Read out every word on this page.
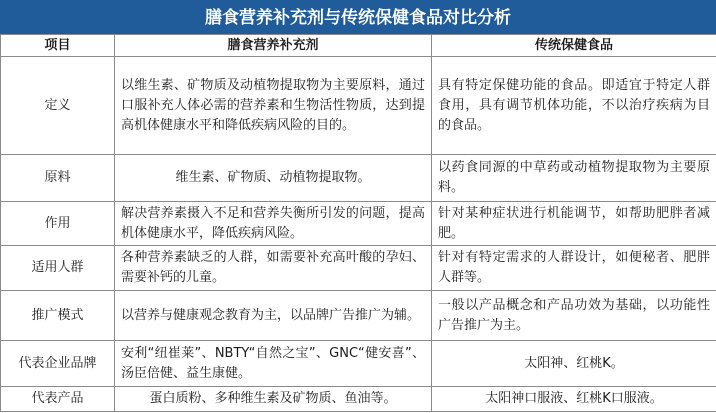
膳食营养补充剂与传统保健食品对比分析
项目	膳食营养补充剂	传统保健食品
定义	以维生素、矿物质及动植物提取物为主要原料，通过口服补充人体必需的营养素和生物活性物质，达到提高机体健康水平和降低疾病风险的目的。	具有特定保健功能的食品。即适宜于特定人群食用，具有调节机体功能，不以治疗疾病为目的食品。
原料	维生素、矿物质、动植物提取物。	以药食同源的中草药或动植物提取物为主要原料。
作用	解决营养素摄入不足和营养失衡所引发的问题，提高机体健康水平，降低疾病风险。	针对某种症状进行机能调节，如帮助肥胖者减肥。
适用人群	各种营养素缺乏的人群，如需要补充高叶酸的孕妇、需要补钙的儿童。	针对有特定需求的人群设计，如便秘者、肥胖人群等。
推广模式	以营养与健康观念教育为主，以品牌广告推广为辅。	一般以产品概念和产品功效为基础，以功能性广告推广为主。
代表企业品牌	安利“纽崔莱”、NBTY“自然之宝”、GNC“健安喜”、汤臣倍健、益生康健。	太阳神、红桃K。
代表产品	蛋白质粉、多种维生素及矿物质、鱼油等。	太阳神口服液、红桃K口服液。
